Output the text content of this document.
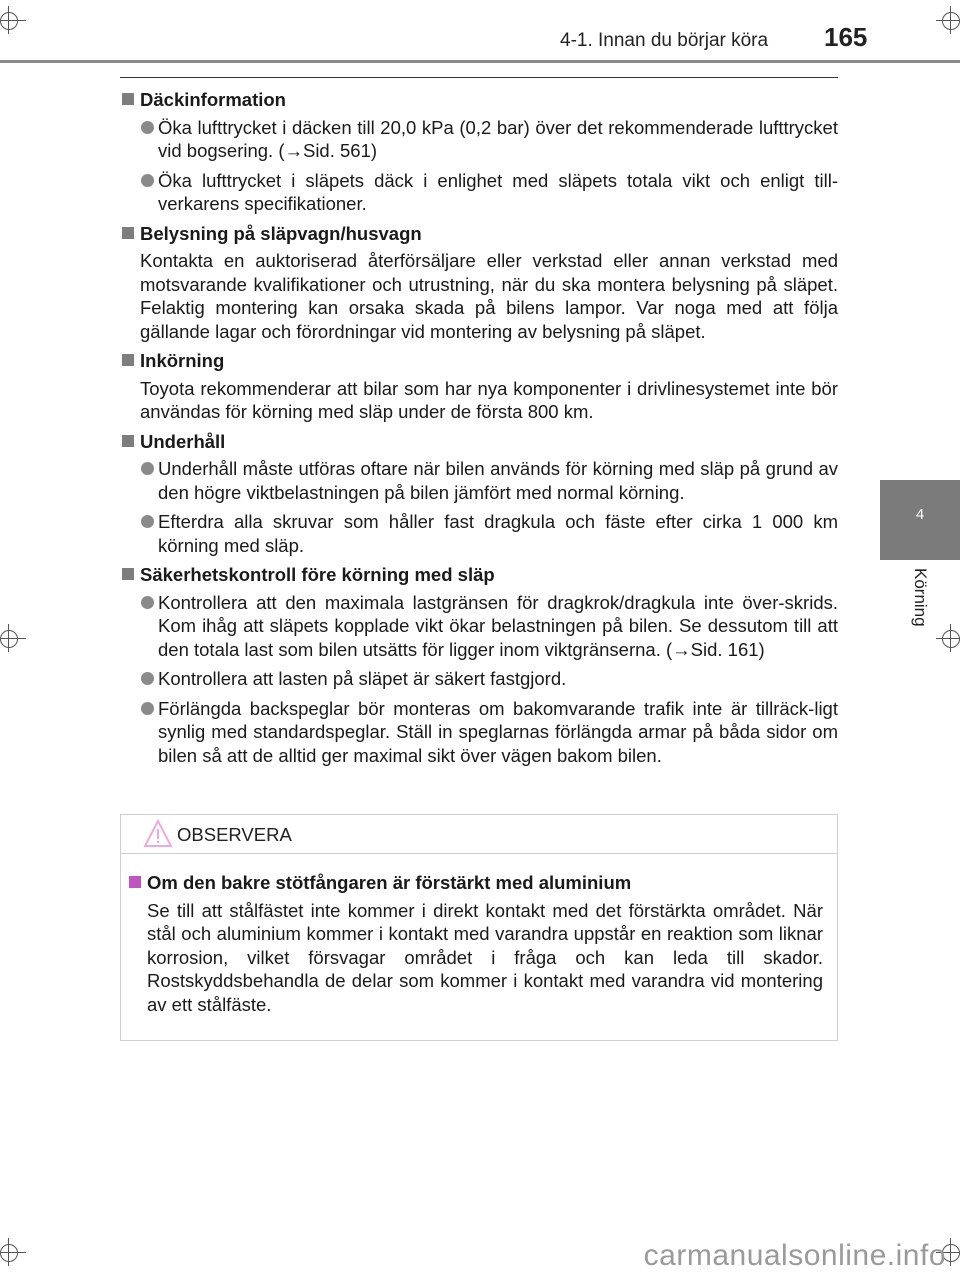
4-1. Innan du börjar köra 165
4
Körning
Däckinformation
Öka lufttrycket i däcken till 20,0 kPa (0,2 bar) över det rekommenderade lufttrycket vid bogsering. (→Sid. 561)
Öka lufttrycket i släpets däck i enlighet med släpets totala vikt och enligt till-verkarens specifikationer.
Belysning på släpvagn/husvagn
Kontakta en auktoriserad återförsäljare eller verkstad eller annan verkstad med motsvarande kvalifikationer och utrustning, när du ska montera belysning på släpet. Felaktig montering kan orsaka skada på bilens lampor. Var noga med att följa gällande lagar och förordningar vid montering av belysning på släpet.
Inkörning
Toyota rekommenderar att bilar som har nya komponenter i drivlinesystemet inte bör användas för körning med släp under de första 800 km.
Underhåll
Underhåll måste utföras oftare när bilen används för körning med släp på grund av den högre viktbelastningen på bilen jämfört med normal körning.
Efterdra alla skruvar som håller fast dragkula och fäste efter cirka 1 000 km körning med släp.
Säkerhetskontroll före körning med släp
Kontrollera att den maximala lastgränsen för dragkrok/dragkula inte över-skrids. Kom ihåg att släpets kopplade vikt ökar belastningen på bilen. Se dessutom till att den totala last som bilen utsätts för ligger inom viktgränserna. (→Sid. 161)
Kontrollera att lasten på släpet är säkert fastgjord.
Förlängda backspeglar bör monteras om bakomvarande trafik inte är tillräck-ligt synlig med standardspeglar. Ställ in speglarnas förlängda armar på båda sidor om bilen så att de alltid ger maximal sikt över vägen bakom bilen.
OBSERVERA
Om den bakre stötfångaren är förstärkt med aluminium
Se till att stålfästet inte kommer i direkt kontakt med det förstärkta området. När stål och aluminium kommer i kontakt med varandra uppstår en reaktion som liknar korrosion, vilket försvagar området i fråga och kan leda till skador. Rostskyddsbehandla de delar som kommer i kontakt med varandra vid montering av ett stålfäste.
carmanualsonline.info
